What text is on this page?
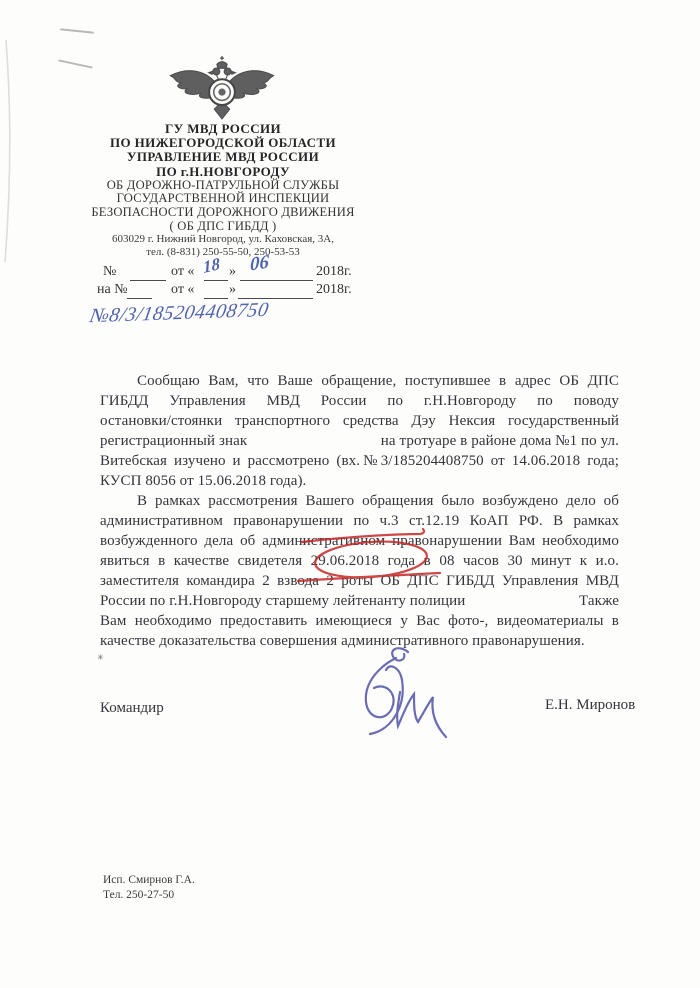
ГУ МВД РОССИИ
ПО НИЖЕГОРОДСКОЙ ОБЛАСТИ
УПРАВЛЕНИЕ МВД РОССИИ
ПО г.Н.НОВГОРОДУ
ОБ ДОРОЖНО-ПАТРУЛЬНОЙ СЛУЖБЫ
ГОСУДАРСТВЕННОЙ ИНСПЕКЦИИ
БЕЗОПАСНОСТИ ДОРОЖНОГО ДВИЖЕНИЯ
( ОБ ДПС ГИБДД )
603029 г. Нижний Новгород, ул. Каховская, 3А,
тел. (8-831) 250-55-50, 250-53-53
№	от « »	2018г.
на №	от « »	2018г.
18 06
№8/3/185204408750
Сообщаю Вам, что Ваше обращение, поступившее в адрес ОБ ДПС
ГИБДД Управления МВД России по г.Н.Новгороду по поводу
остановки/стоянки транспортного средства Дэу Нексия государственный
регистрационный знак	на тротуаре в районе дома №1 по ул.
Витебская изучено и рассмотрено (вх.№3/185204408750 от 14.06.2018 года;
КУСП 8056 от 15.06.2018 года).
В рамках рассмотрения Вашего обращения было возбуждено дело об
административном правонарушении по ч.3 ст.12.19 КоАП РФ. В рамках
возбужденного дела об административном правонарушении Вам необходимо
явиться в качестве свидетеля 29.06.2018 года в 08 часов 30 минут к и.о.
заместителя командира 2 взвода 2 роты ОБ ДПС ГИБДД Управления МВД
России по г.Н.Новгороду старшему лейтенанту полиции	Также
Вам необходимо предоставить имеющиеся у Вас фото-, видеоматериалы в
качестве доказательства совершения административного правонарушения.
✳
Командир	Е.Н. Миронов
Исп. Смирнов Г.А.
Тел. 250-27-50
